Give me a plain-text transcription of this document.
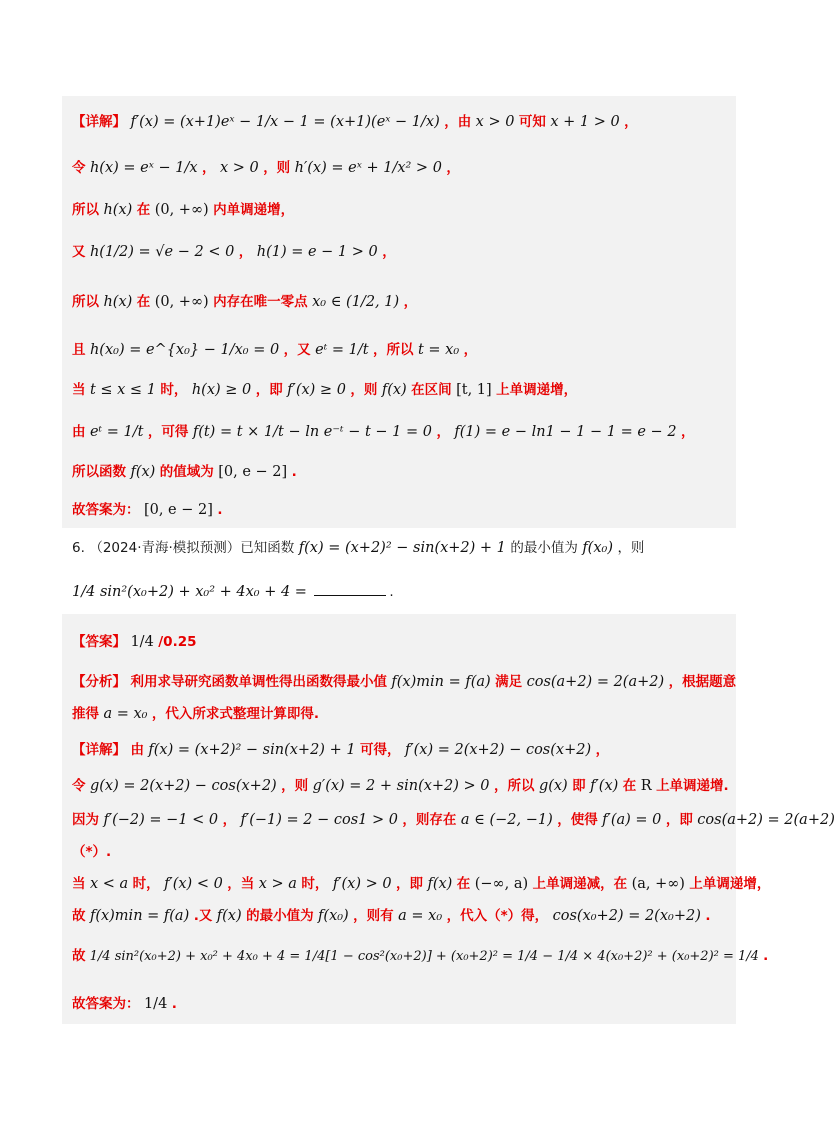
【详解】 f′(x) = (x+1)eˣ − 1/x − 1 = (x+1)(eˣ − 1/x) ，由 x > 0 可知 x + 1 > 0 ，
令 h(x) = eˣ − 1/x ， x > 0 ，则 h′(x) = eˣ + 1/x² > 0 ，
所以 h(x) 在 (0, +∞) 内单调递增，
又 h(1/2) = √e − 2 < 0 ， h(1) = e − 1 > 0 ，
所以 h(x) 在 (0, +∞) 内存在唯一零点 x₀ ∈ (1/2, 1) ，
且 h(x₀) = e^{x₀} − 1/x₀ = 0 ，又 eᵗ = 1/t ，所以 t = x₀ ，
当 t ≤ x ≤ 1 时， h(x) ≥ 0 ，即 f′(x) ≥ 0 ，则 f(x) 在区间 [t, 1] 上单调递增，
由 eᵗ = 1/t ，可得 f(t) = t × 1/t − ln e⁻ᵗ − t − 1 = 0 ， f(1) = e − ln1 − 1 − 1 = e − 2 ，
所以函数 f(x) 的值域为 [0, e − 2] .
故答案为： [0, e − 2] .
6. （2024·青海·模拟预测）已知函数 f(x) = (x+2)² − sin(x+2) + 1 的最小值为 f(x₀) ，则
1/4 sin²(x₀+2) + x₀² + 4x₀ + 4 =	.
【答案】 1/4 /0.25
【分析】 利用求导研究函数单调性得出函数得最小值 f(x)min = f(a) 满足 cos(a+2) = 2(a+2) ，根据题意
推得 a = x₀ ，代入所求式整理计算即得.
【详解】 由 f(x) = (x+2)² − sin(x+2) + 1 可得， f′(x) = 2(x+2) − cos(x+2) ，
令 g(x) = 2(x+2) − cos(x+2) ，则 g′(x) = 2 + sin(x+2) > 0 ，所以 g(x) 即 f′(x) 在 R 上单调递增.
因为 f′(−2) = −1 < 0 ， f′(−1) = 2 − cos1 > 0 ，则存在 a ∈ (−2, −1) ，使得 f′(a) = 0 ，即 cos(a+2) = 2(a+2)
（*）.
当 x < a 时， f′(x) < 0 ，当 x > a 时， f′(x) > 0 ，即 f(x) 在 (−∞, a) 上单调递减，在 (a, +∞) 上单调递增，
故 f(x)min = f(a) .又 f(x) 的最小值为 f(x₀) ，则有 a = x₀ ，代入（*）得， cos(x₀+2) = 2(x₀+2) .
故 1/4 sin²(x₀+2) + x₀² + 4x₀ + 4 = 1/4[1 − cos²(x₀+2)] + (x₀+2)² = 1/4 − 1/4 × 4(x₀+2)² + (x₀+2)² = 1/4 .
故答案为： 1/4 .
